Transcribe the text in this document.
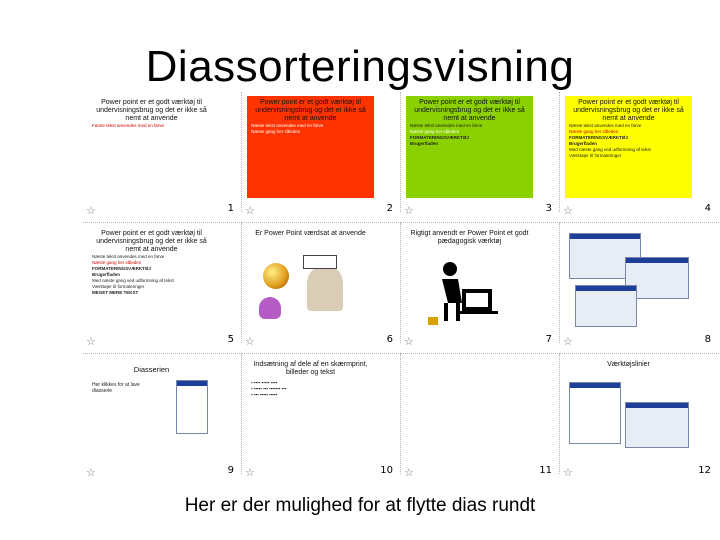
Diassorteringsvisning
Power point er et godt værktøj til undervisningsbrug og det er ikke så nemt at anvende
Første tekst anvendes med en farve
☆	1
Power point er et godt værktøj til undervisningsbrug og det er ikke så nemt at anvende
Næste tekst anvendes med en farve
Næste gang her således
☆	2
Power point er et godt værktøj til undervisningsbrug og det er ikke så nemt at anvende
Næste tekst anvendes med en farve
Næste gang her således
FORMATERINGSVÆRKTØJ
Brugerfladen
☆	3
Power point er et godt værktøj til undervisningsbrug og det er ikke så nemt at anvende
Næste tekst anvendes med en farve
Næste gang her således
FORMATERINGSVÆRKTØJ
Brugerfladen
Med næste gang ved udformning af tekst
Værktøjer til formateringer
☆	4
Power point er et godt værktøj til undervisningsbrug og det er ikke så nemt at anvende
Næste tekst anvendes med en farve
Næste gang her således
FORMATERINGSVÆRKTØJ
Brugerfladen
Med næste gang ved udformning af tekst
Værktøjer til formateringer
MEGET MERE TEKST
☆	5
Er Power Point værdsat at anvende
☆	6
Rigtigt anvendt er Power Point et godt pædagogisk værktøj
☆	7 ☆	8
Diasserien
Her klikkes for at lave diasserie
☆	9
Indsætning af dele af en skærmprint, billeder og tekst
▪ ▪▪▪▪ ▪▪▪▪▪ ▪▪▪▪
▪ ▪▪▪▪▪ ▪▪▪ ▪▪▪▪▪▪▪ ▪▪▪
▪ ▪▪▪ ▪▪▪▪▪ ▪▪▪▪▪
☆	10 ☆	11
Værktøjslinier
☆	12
Her er der mulighed for at flytte dias rundt
